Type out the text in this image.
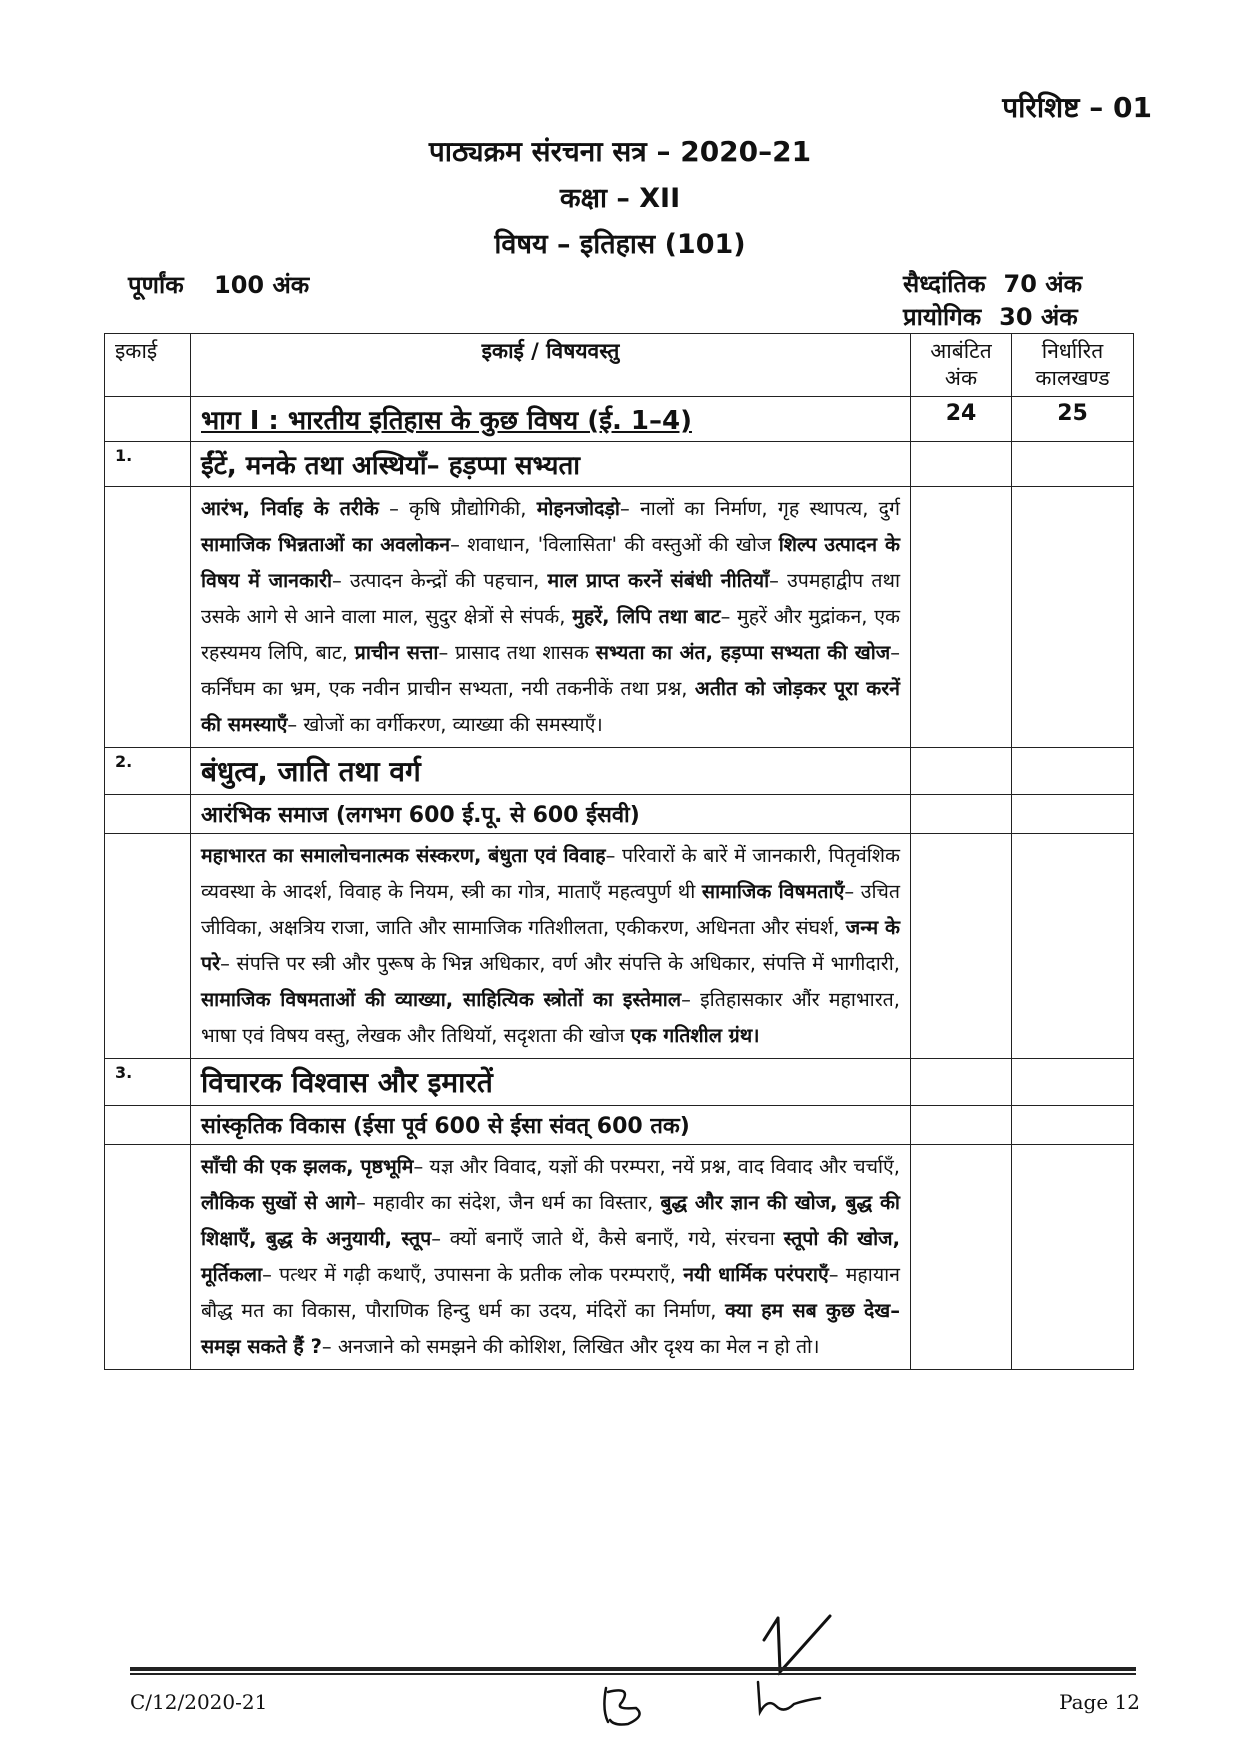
परिशिष्ट – 01
पाठ्यक्रम संरचना सत्र – 2020–21
कक्षा – XII
विषय – इतिहास (101)
पूर्णांक 100 अंक	सैध्दांतिक 70 अंक
प्रायोगिक 30 अंक
इकाई	इकाई / विषयवस्तु	आबंटित अंक	निर्धारित कालखण्ड
	भाग I : भारतीय इतिहास के कुछ विषय (ई. 1–4)	24	25
1.	ईंटें, मनके तथा अस्थियाँ– हड़प्पा सभ्यता		
	आरंभ, निर्वाह के तरीके – कृषि प्रौद्योगिकी, मोहनजोदड़ो– नालों का निर्माण, गृह स्थापत्य, दुर्ग सामाजिक भिन्नताओं का अवलोकन– शवाधान, 'विलासिता' की वस्तुओं की खोज शिल्प उत्पादन के विषय में जानकारी– उत्पादन केन्द्रों की पहचान, माल प्राप्त करनें संबंधी नीतियाँ– उपमहाद्वीप तथा उसके आगे से आने वाला माल, सुदुर क्षेत्रों से संपर्क, मुहरें, लिपि तथा बाट– मुहरें और मुद्रांकन, एक रहस्यमय लिपि, बाट, प्राचीन सत्ता– प्रासाद तथा शासक सभ्यता का अंत, हड़प्पा सभ्यता की खोज– कर्निंघम का भ्रम, एक नवीन प्राचीन सभ्यता, नयी तकनीकें तथा प्रश्न, अतीत को जोड़कर पूरा करनें की समस्याएँ– खोजों का वर्गीकरण, व्याख्या की समस्याएँ।		
2.	बंधुत्व, जाति तथा वर्ग		
	आरंभिक समाज (लगभग 600 ई.पू. से 600 ईसवी)		
	महाभारत का समालोचनात्मक संस्करण, बंधुता एवं विवाह– परिवारों के बारें में जानकारी, पितृवंशिक व्यवस्था के आदर्श, विवाह के नियम, स्त्री का गोत्र, माताएँ महत्वपुर्ण थी सामाजिक विषमताएँ– उचित जीविका, अक्षत्रिय राजा, जाति और सामाजिक गतिशीलता, एकीकरण, अधिनता और संघर्श, जन्म के परे– संपत्ति पर स्त्री और पुरूष के भिन्न अधिकार, वर्ण और संपत्ति के अधिकार, संपत्ति में भागीदारी, सामाजिक विषमताओं की व्याख्या, साहित्यिक स्त्रोतों का इस्तेमाल– इतिहासकार औंर महाभारत, भाषा एवं विषय वस्तु, लेखक और तिथियॉ, सदृशता की खोज एक गतिशील ग्रंथ।		
3.	विचारक विश्वास और इमारतें		
	सांस्कृतिक विकास (ईसा पूर्व 600 से ईसा संवत् 600 तक)		
	साँची की एक झलक, पृष्ठभूमि– यज्ञ और विवाद, यज्ञों की परम्परा, नयें प्रश्न, वाद विवाद और चर्चाएँ, लौकिक सुखों से आगे– महावीर का संदेश, जैन धर्म का विस्तार, बुद्ध और ज्ञान की खोज, बुद्ध की शिक्षाएँ, बुद्ध के अनुयायी, स्तूप– क्यों बनाएँ जाते थें, कैसे बनाएँ, गये, संरचना स्तूपो की खोज, मूर्तिकला– पत्थर में गढ़ी कथाएँ, उपासना के प्रतीक लोक परम्पराएँ, नयी धार्मिक परंपराएँ– महायान बौद्ध मत का विकास, पौराणिक हिन्दु धर्म का उदय, मंदिरों का निर्माण, क्या हम सब कुछ देख–समझ सकते हैं ?– अनजाने को समझने की कोशिश, लिखित और दृश्य का मेल न हो तो।		
C/12/2020-21	Page 12
